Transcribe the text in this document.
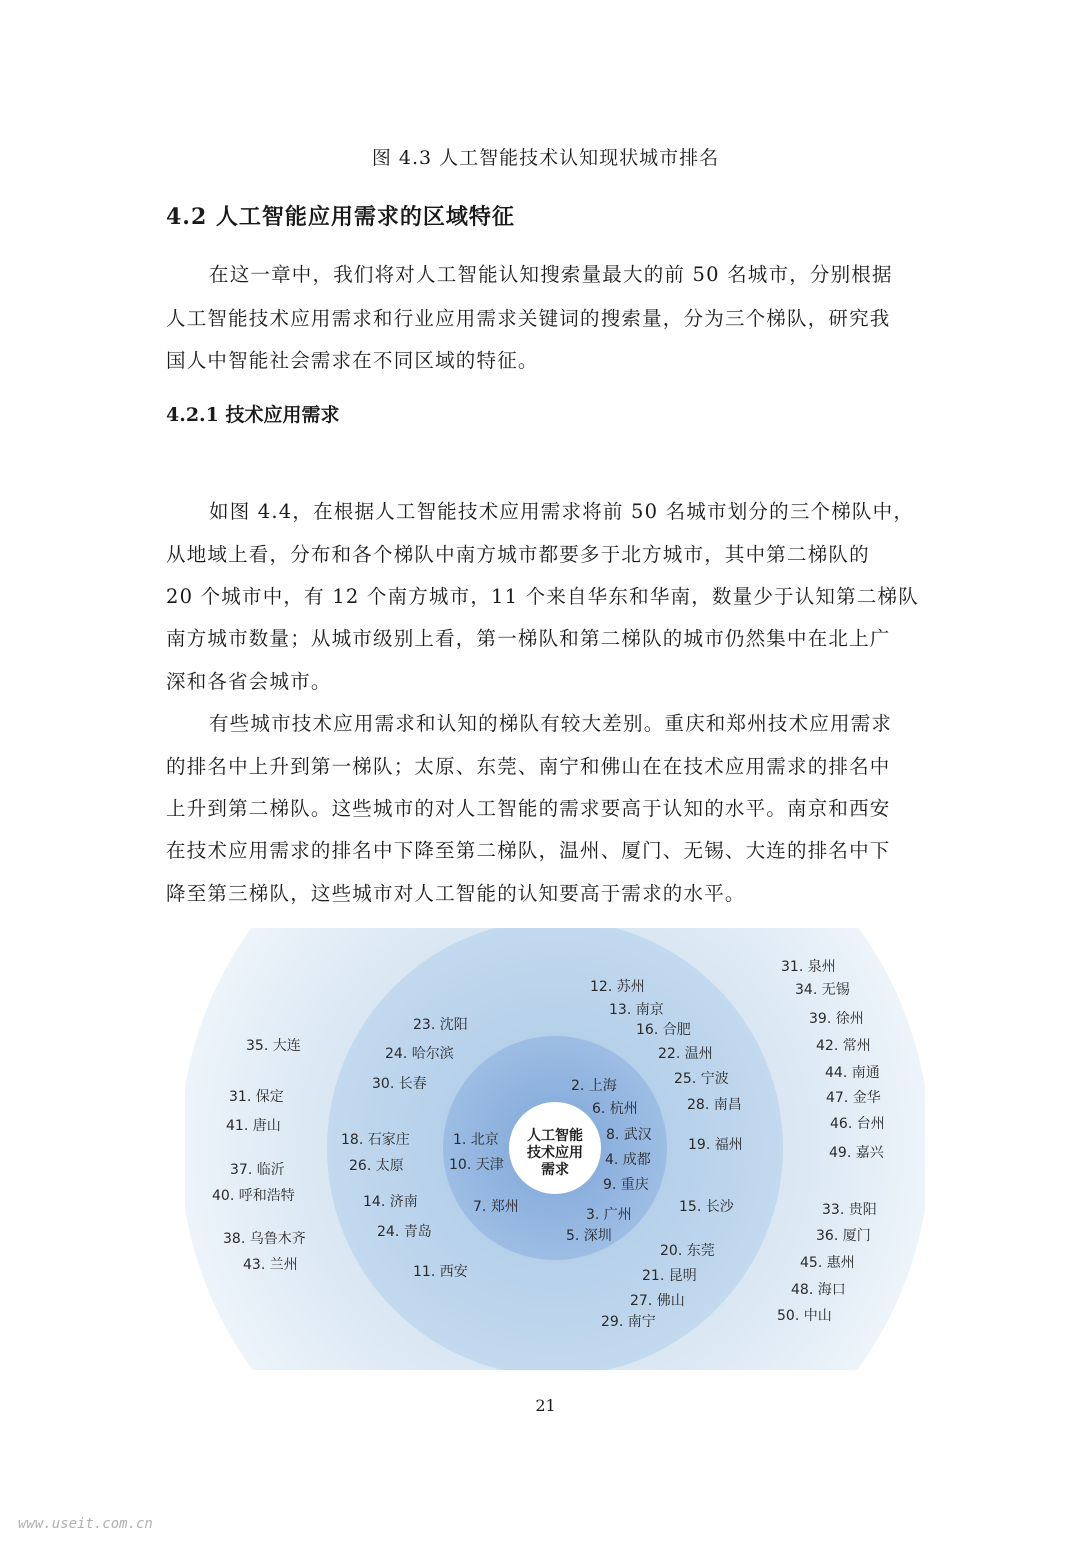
图 4.3 人工智能技术认知现状城市排名
4.2 人工智能应用需求的区域特征
在这一章中，我们将对人工智能认知搜索量最大的前 50 名城市，分别根据
人工智能技术应用需求和行业应用需求关键词的搜索量，分为三个梯队，研究我
国人中智能社会需求在不同区域的特征。
4.2.1 技术应用需求
如图 4.4，在根据人工智能技术应用需求将前 50 名城市划分的三个梯队中，
从地域上看，分布和各个梯队中南方城市都要多于北方城市，其中第二梯队的
20 个城市中，有 12 个南方城市，11 个来自华东和华南，数量少于认知第二梯队
南方城市数量；从城市级别上看，第一梯队和第二梯队的城市仍然集中在北上广
深和各省会城市。
有些城市技术应用需求和认知的梯队有较大差别。重庆和郑州技术应用需求
的排名中上升到第一梯队；太原、东莞、南宁和佛山在在技术应用需求的排名中
上升到第二梯队。这些城市的对人工智能的需求要高于认知的水平。南京和西安
在技术应用需求的排名中下降至第二梯队，温州、厦门、无锡、大连的排名中下
降至第三梯队，这些城市对人工智能的认知要高于需求的水平。
人工智能
技术应用
需求
1. 北京
10. 天津
2. 上海
6. 杭州
8. 武汉
4. 成都
9. 重庆
7. 郑州	3. 广州
5. 深圳
12. 苏州
13. 南京
16. 合肥
22. 温州
25. 宁波
28. 南昌
19. 福州
15. 长沙
20. 东莞
21. 昆明
27. 佛山
29. 南宁
23. 沈阳
24. 哈尔滨
30. 长春
18. 石家庄
26. 太原
14. 济南
24. 青岛
11. 西安
35. 大连
31. 保定
41. 唐山
37. 临沂
40. 呼和浩特
38. 乌鲁木齐
43. 兰州
31. 泉州
34. 无锡
39. 徐州
42. 常州
44. 南通
47. 金华
46. 台州
49. 嘉兴
33. 贵阳
36. 厦门
45. 惠州
48. 海口
50. 中山
21
www.useit.com.cn
